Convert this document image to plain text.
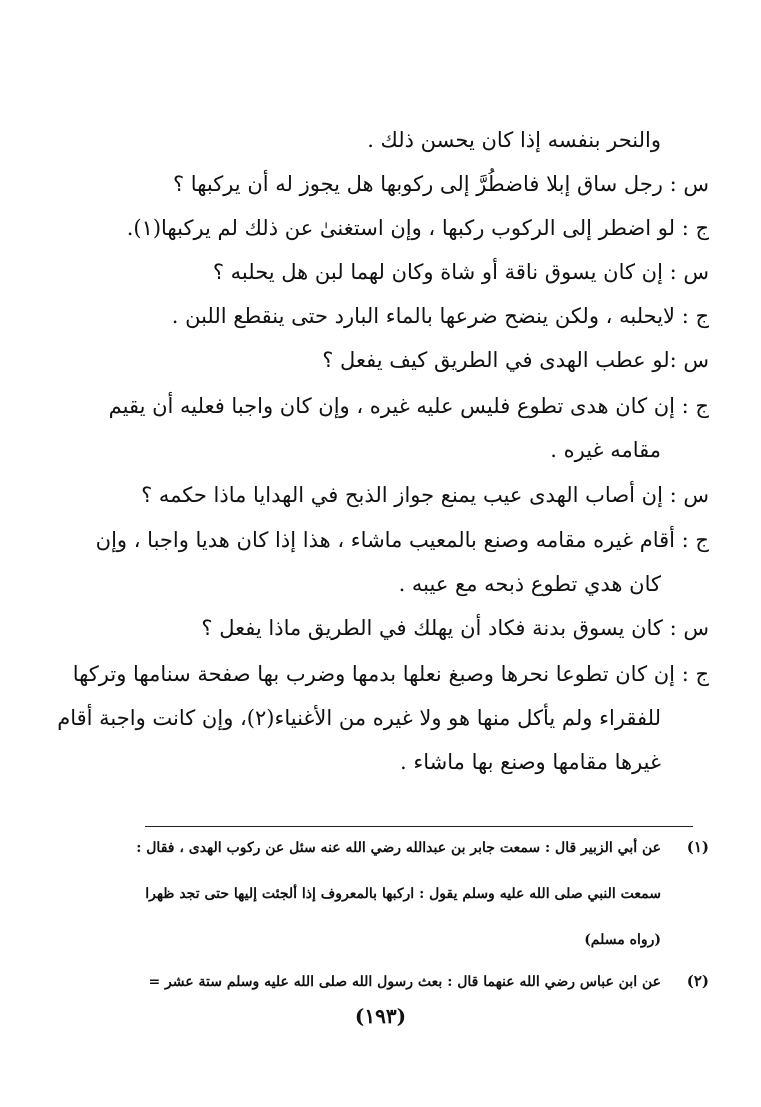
والنحر بنفسه إذا كان يحسن ذلك .
س : رجل ساق إبلا فاضطُرَّ إلى ركوبها هل يجوز له أن يركبها ؟
ج : لو اضطر إلى الركوب ركبها ، وإن استغنىٰ عن ذلك لم يركبها(١).
س : إن كان يسوق ناقة أو شاة وكان لهما لبن هل يحلبه ؟
ج : لايحلبه ، ولكن ينضح ضرعها بالماء البارد حتى ينقطع اللبن .
س :لو عطب الهدى في الطريق كيف يفعل ؟
ج : إن كان هدى تطوع فليس عليه غيره ، وإن كان واجبا فعليه أن يقيم
مقامه غيره .
س : إن أصاب الهدى عيب يمنع جواز الذبح في الهدايا ماذا حكمه ؟
ج : أقام غيره مقامه وصنع بالمعيب ماشاء ، هذا إذا كان هديا واجبا ، وإن
كان هدي تطوع ذبحه مع عيبه .
س : كان يسوق بدنة فكاد أن يهلك في الطريق ماذا يفعل ؟
ج : إن كان تطوعا نحرها وصبغ نعلها بدمها وضرب بها صفحة سنامها وتركها
للفقراء ولم يأكل منها هو ولا غيره من الأغنياء(٢)، وإن كانت واجبة أقام
غيرها مقامها وصنع بها ماشاء .
(١)
عن أبي الزبير قال : سمعت جابر بن عبدالله رضي الله عنه سئل عن ركوب الهدى ، فقال :
سمعت النبي صلى الله عليه وسلم يقول : اركبها بالمعروف إذا ألجئت إليها حتى تجد ظهرا
(رواه مسلم)
(٢)
عن ابن عباس رضي الله عنهما قال : بعث رسول الله صلى الله عليه وسلم ستة عشر =
(١٩٣)
